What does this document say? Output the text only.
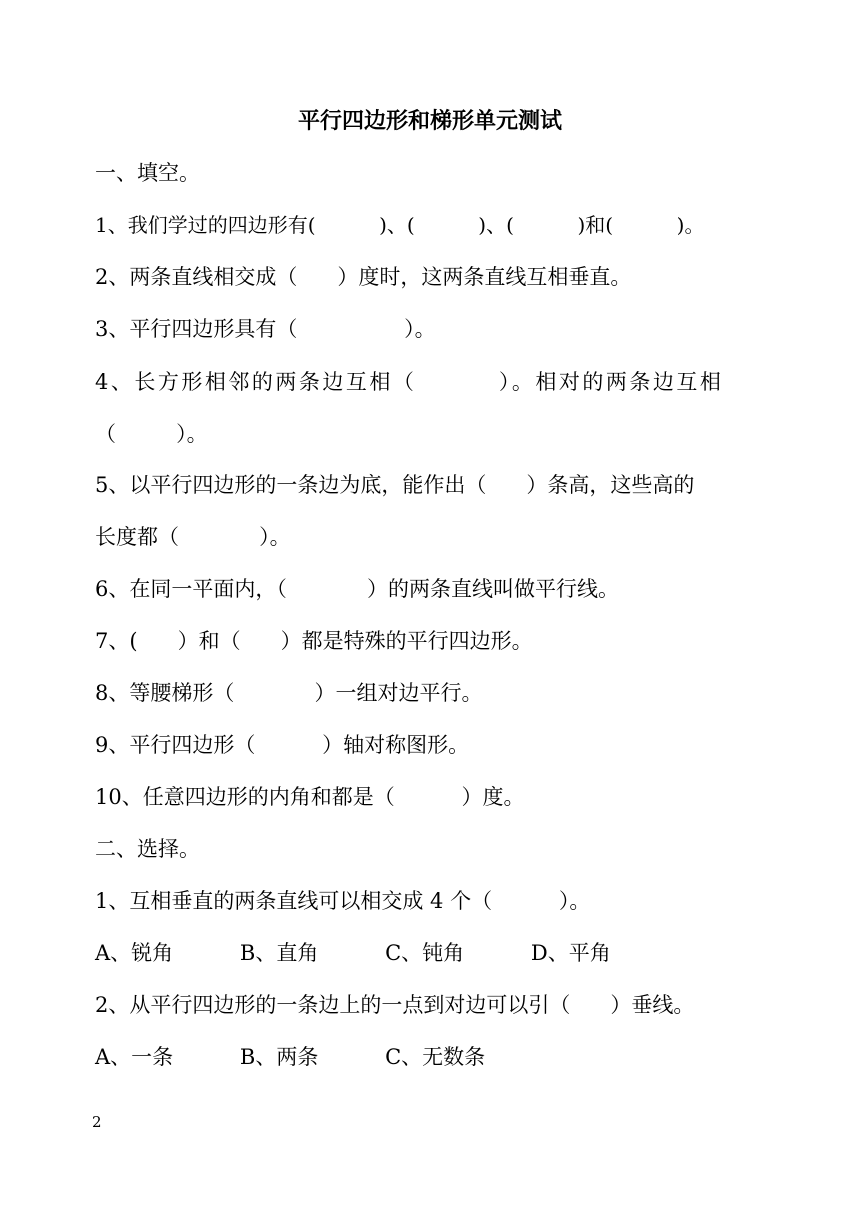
平行四边形和梯形单元测试
一、填空。
1、我们学过的四边形有(          )、(          )、(          )和(          )。
2、两条直线相交成（      ）度时，这两条直线互相垂直。
3、平行四边形具有（                ）。
4、长方形相邻的两条边互相（         ）。相对的两条边互相
（         ）。
5、以平行四边形的一条边为底，能作出（      ）条高，这些高的
长度都（            ）。
6、在同一平面内，（            ）的两条直线叫做平行线。
7、(      ）和（      ）都是特殊的平行四边形。
8、等腰梯形（            ）一组对边平行。
9、平行四边形（          ）轴对称图形。
10、任意四边形的内角和都是（          ）度。
二、选择。
1、互相垂直的两条直线可以相交成 4 个（          ）。
A、锐角          B、直角          C、钝角          D、平角
2、从平行四边形的一条边上的一点到对边可以引（      ）垂线。
A、一条          B、两条          C、无数条
2
